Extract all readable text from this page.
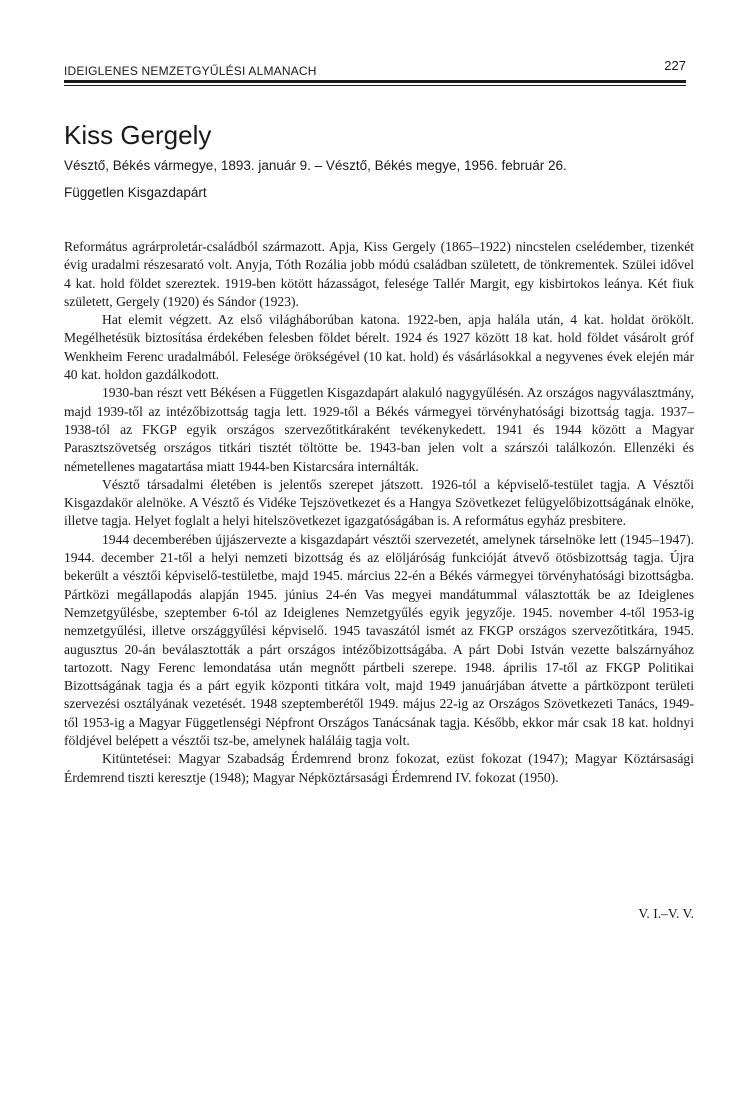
IDEIGLENES NEMZETGYŰLÉSI ALMANACH	227
Kiss Gergely
Vésztő, Békés vármegye, 1893. január 9. – Vésztő, Békés megye, 1956. február 26.
Független Kisgazdapárt

Református agrárproletár-családból származott. Apja, Kiss Gergely (1865–1922) nincstelen cselédember, tizenkét évig uradalmi részesarató volt. Anyja, Tóth Rozália jobb módú családban született, de tönkrementek. Szülei idővel 4 kat. hold földet szereztek. 1919-ben kötött házasságot, felesége Tallér Margit, egy kisbirtokos leánya. Két fiuk született, Gergely (1920) és Sándor (1923).

Hat elemit végzett. Az első világháborúban katona. 1922-ben, apja halála után, 4 kat. holdat örökölt. Megélhetésük biztosítása érdekében felesben földet bérelt. 1924 és 1927 között 18 kat. hold földet vásárolt gróf Wenkheim Ferenc uradalmából. Felesége örökségével (10 kat. hold) és vásárlásokkal a negyvenes évek elején már 40 kat. holdon gazdálkodott.

1930-ban részt vett Békésen a Független Kisgazdapárt alakuló nagygyűlésén. Az országos nagyválasztmány, majd 1939-től az intézőbizottság tagja lett. 1929-től a Békés vármegyei törvényhatósági bizottság tagja. 1937–1938-tól az FKGP egyik országos szervezőtitkáraként tevékenykedett. 1941 és 1944 között a Magyar Parasztszövetség országos titkári tisztét töltötte be. 1943-ban jelen volt a szárszói találkozón. Ellenzéki és németellenes magatartása miatt 1944-ben Kistarcsára internálták.

Vésztő társadalmi életében is jelentős szerepet játszott. 1926-tól a képviselő-testület tagja. A Vésztői Kisgazdakör alelnöke. A Vésztő és Vidéke Tejszövetkezet és a Hangya Szövetkezet felügyelőbizottságának elnöke, illetve tagja. Helyet foglalt a helyi hitelszövetkezet igazgatóságában is. A református egyház presbitere.

1944 decemberében újjászervezte a kisgazdapárt vésztői szervezetét, amelynek társelnöke lett (1945–1947). 1944. december 21-től a helyi nemzeti bizottság és az elöljáróság funkcióját átvevő ötösbizottság tagja. Újra bekerült a vésztői képviselő-testületbe, majd 1945. március 22-én a Békés vármegyei törvényhatósági bizottságba. Pártközi megállapodás alapján 1945. június 24-én Vas megyei mandátummal választották be az Ideiglenes Nemzetgyűlésbe, szeptember 6-tól az Ideiglenes Nemzetgyűlés egyik jegyzője. 1945. november 4-től 1953-ig nemzetgyűlési, illetve országgyűlési képviselő. 1945 tavaszától ismét az FKGP országos szervezőtitkára, 1945. augusztus 20-án beválasztották a párt országos intézőbizottságába. A párt Dobi István vezette balszárnyához tartozott. Nagy Ferenc lemondatása után megnőtt pártbeli szerepe. 1948. április 17-től az FKGP Politikai Bizottságának tagja és a párt egyik központi titkára volt, majd 1949 januárjában átvette a pártközpont területi szervezési osztályának vezetését. 1948 szeptemberétől 1949. május 22-ig az Országos Szövetkezeti Tanács, 1949-től 1953-ig a Magyar Függetlenségi Népfront Országos Tanácsának tagja. Később, ekkor már csak 18 kat. holdnyi földjével belépett a vésztői tsz-be, amelynek haláláig tagja volt.

Kitüntetései: Magyar Szabadság Érdemrend bronz fokozat, ezüst fokozat (1947); Magyar Köztársasági Érdemrend tiszti keresztje (1948); Magyar Népköztársasági Érdemrend IV. fokozat (1950).

V. I.–V. V.
